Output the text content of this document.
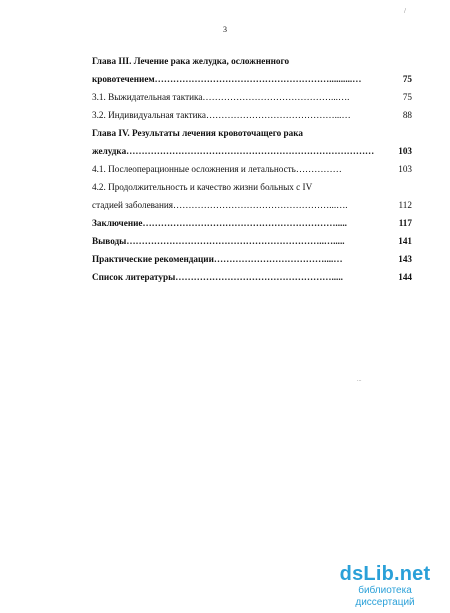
3
/
Глава III. Лечение рака желудка, осложненного
кровотечением…………………………………………………..........…	75
3.1. Выжидательная тактика……………………………………...….	75
3.2. Индивидуальная тактика……………………………………...…	88
Глава IV. Результаты лечения кровоточащего рака
желудка………………………………………………………………………	103
4.1. Послеоперационные осложнения и летальность……………	103
4.2. Продолжительность и качество жизни больных с IV
стадией заболевания……………………………………………...….	112
Заключение……………………………………………………….....	117
Выводы………………………………………………………..….....	141
Практические рекомендации………………………………....…	143
Список литературы…………………………………………….....	144
...
dsLib.net
библиотека диссертаций
